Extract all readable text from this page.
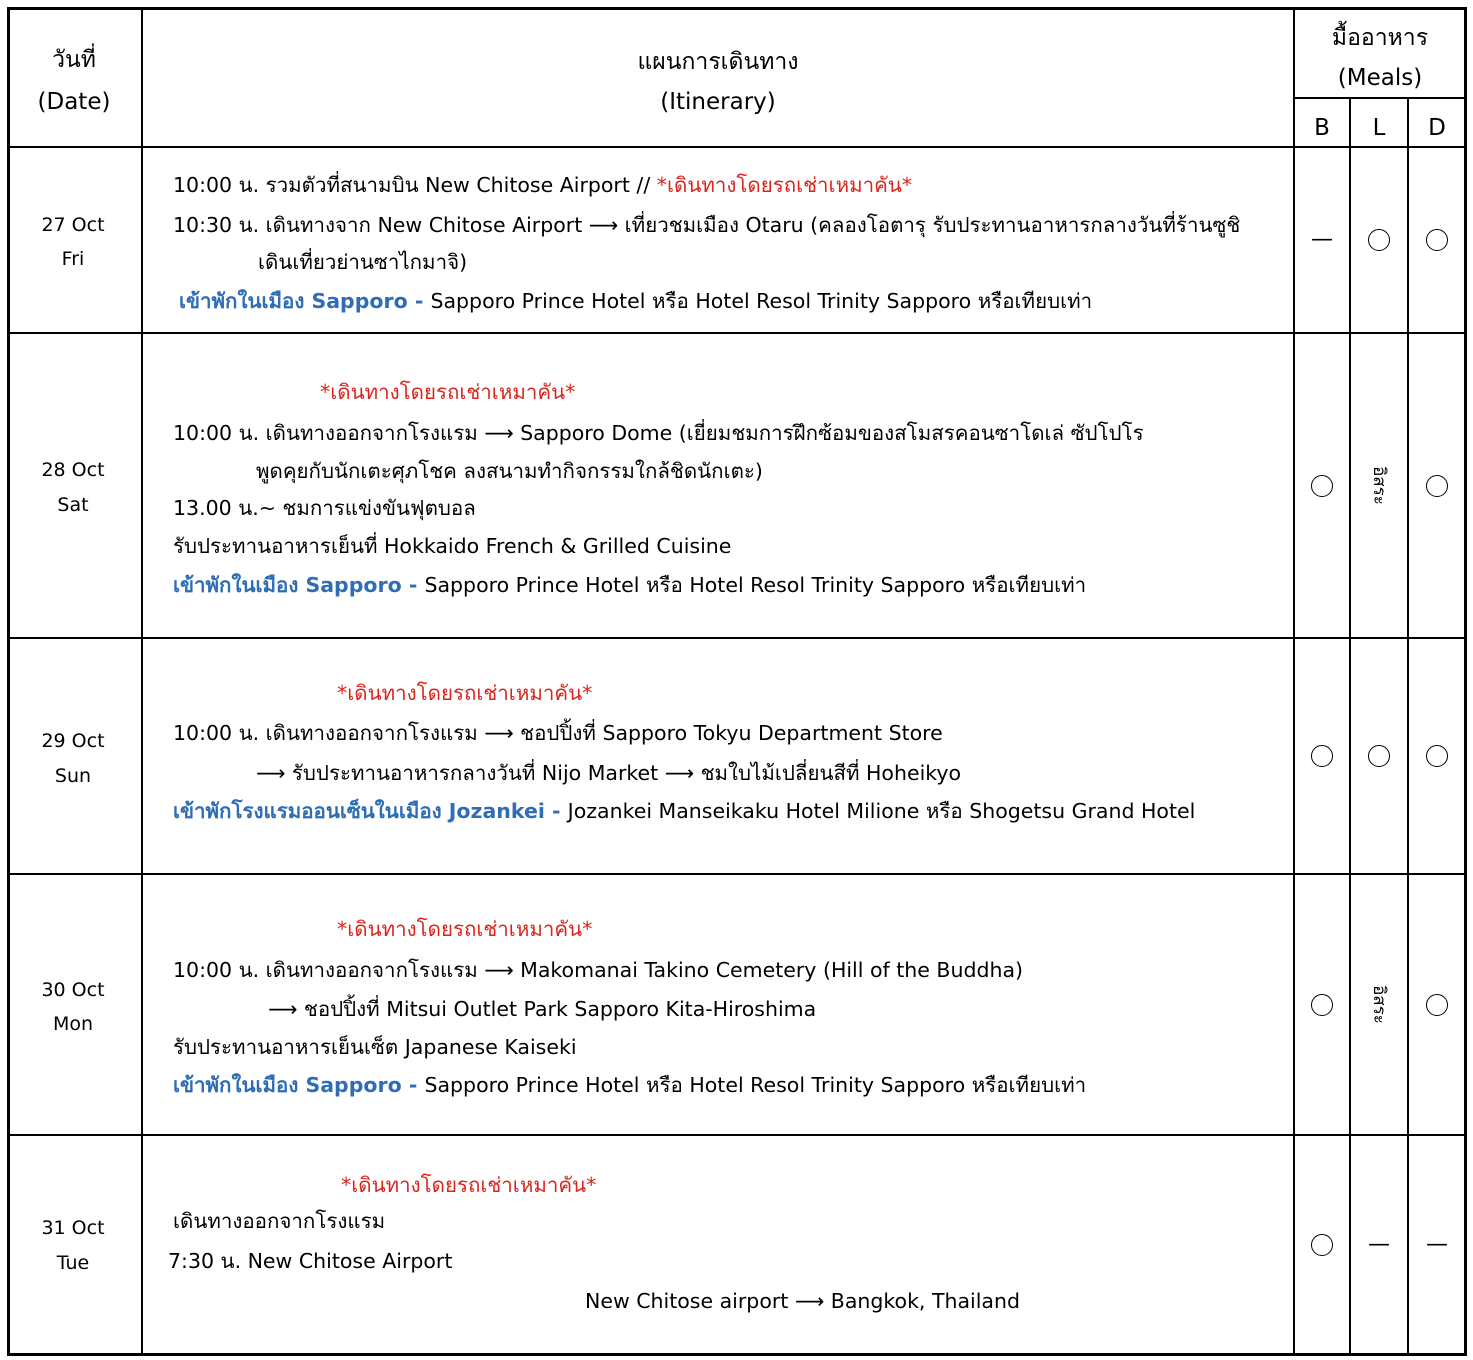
วันที่
(Date)
แผนการเดินทาง
(Itinerary)
มื้ออาหาร
(Meals)
B	L	D
27 Oct
Fri
10:00 น. รวมตัวที่สนามบิน New Chitose Airport // *เดินทางโดยรถเช่าเหมาคัน*
10:30 น. เดินทางจาก New Chitose Airport ⟶ เที่ยวชมเมือง Otaru (คลองโอตารุ รับประทานอาหารกลางวันที่ร้านซูชิ
เดินเที่ยวย่านซาไกมาจิ)
เข้าพักในเมือง Sapporo - Sapporo Prince Hotel หรือ Hotel Resol Trinity Sapporo หรือเทียบเท่า
—
28 Oct
Sat
*เดินทางโดยรถเช่าเหมาคัน*
10:00 น. เดินทางออกจากโรงแรม ⟶ Sapporo Dome (เยี่ยมชมการฝึกซ้อมของสโมสรคอนซาโดเล่ ซัปโปโร
พูดคุยกับนักเตะศุภโชค ลงสนามทำกิจกรรมใกล้ชิดนักเตะ)
13.00 น.~ ชมการแข่งขันฟุตบอล
รับประทานอาหารเย็นที่ Hokkaido French & Grilled Cuisine
เข้าพักในเมือง Sapporo - Sapporo Prince Hotel หรือ Hotel Resol Trinity Sapporo หรือเทียบเท่า
อิสระ
29 Oct
Sun
*เดินทางโดยรถเช่าเหมาคัน*
10:00 น. เดินทางออกจากโรงแรม ⟶ ชอปปิ้งที่ Sapporo Tokyu Department Store
⟶ รับประทานอาหารกลางวันที่ Nijo Market ⟶ ชมใบไม้เปลี่ยนสีที่ Hoheikyo
เข้าพักโรงแรมออนเซ็นในเมือง Jozankei - Jozankei Manseikaku Hotel Milione หรือ Shogetsu Grand Hotel
30 Oct
Mon
*เดินทางโดยรถเช่าเหมาคัน*
10:00 น. เดินทางออกจากโรงแรม ⟶ Makomanai Takino Cemetery (Hill of the Buddha)
⟶ ชอปปิ้งที่ Mitsui Outlet Park Sapporo Kita-Hiroshima
รับประทานอาหารเย็นเซ็ต Japanese Kaiseki
เข้าพักในเมือง Sapporo - Sapporo Prince Hotel หรือ Hotel Resol Trinity Sapporo หรือเทียบเท่า
อิสระ
31 Oct
Tue
*เดินทางโดยรถเช่าเหมาคัน*
เดินทางออกจากโรงแรม
7:30 น. New Chitose Airport
New Chitose airport ⟶ Bangkok, Thailand
— —
